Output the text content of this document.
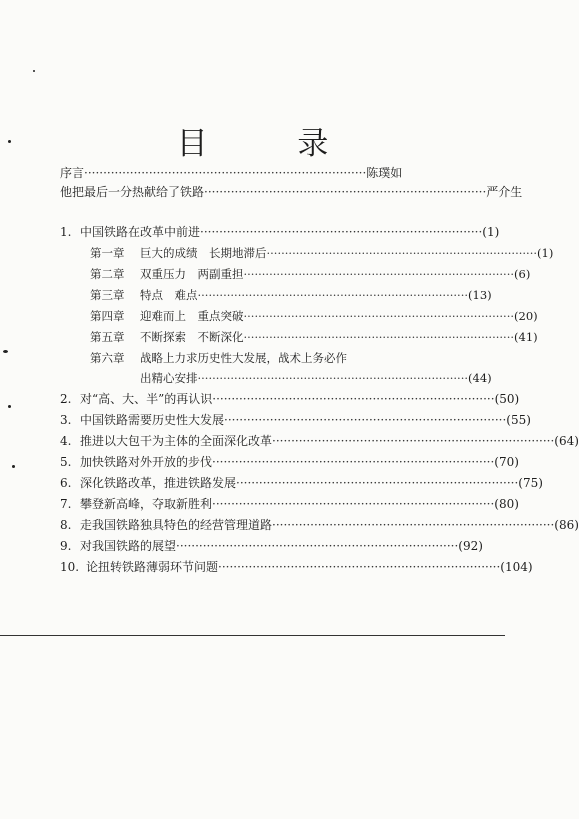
目 录
序言 ·········································································· 陈璞如
他把最后一分热献给了铁路 ·········································································· 严介生
1. 中国铁路在改革中前进 ·········································································· (1)
第一章 巨大的成绩　长期地滞后 ·········································································· (1)
第二章 双重压力　两副重担 ·········································································· (6)
第三章 特点　难点 ·········································································· (13)
第四章 迎难而上　重点突破 ·········································································· (20)
第五章 不断探索　不断深化 ·········································································· (41)
第六章 战略上力求历史性大发展，战术上务必作
出精心安排 ·········································································· (44)
2. 对“高、大、半”的再认识 ·········································································· (50)
3. 中国铁路需要历史性大发展 ·········································································· (55)
4. 推进以大包干为主体的全面深化改革 ·········································································· (64)
5. 加快铁路对外开放的步伐 ·········································································· (70)
6. 深化铁路改革，推进铁路发展 ·········································································· (75)
7. 攀登新高峰，夺取新胜利 ·········································································· (80)
8. 走我国铁路独具特色的经营管理道路 ·········································································· (86)
9. 对我国铁路的展望 ·········································································· (92)
10. 论扭转铁路薄弱环节问题 ·········································································· (104)
